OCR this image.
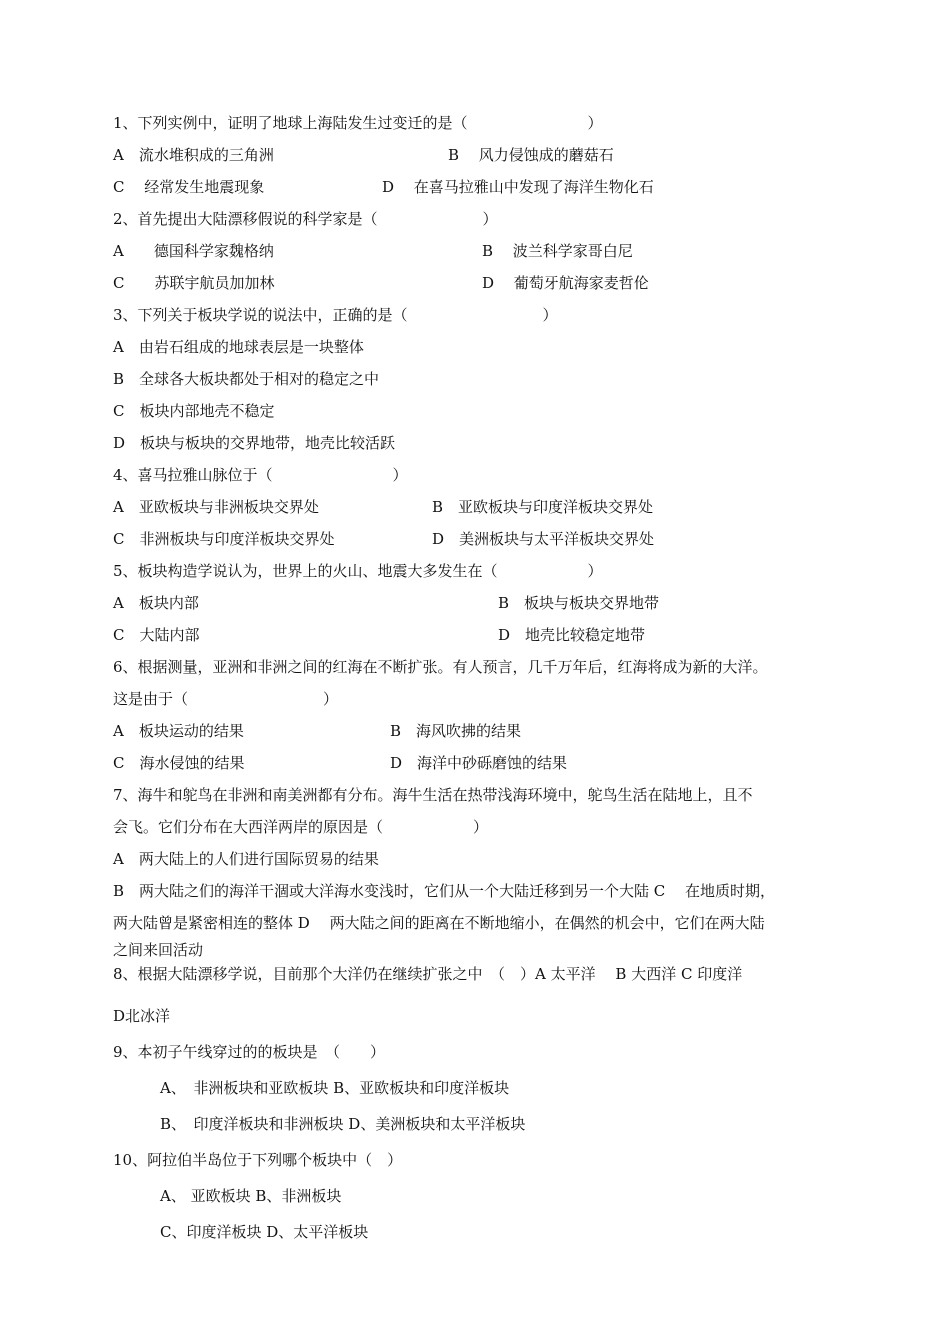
1、下列实例中，证明了地球上海陆发生过变迁的是（　　　　　　　　）
A　流水堆积成的三角洲	B　 风力侵蚀成的蘑菇石
C　 经常发生地震现象	D　 在喜马拉雅山中发现了海洋生物化石
2、首先提出大陆漂移假说的科学家是（　　　　　　　）
A　　德国科学家魏格纳	B　 波兰科学家哥白尼
C　　苏联宇航员加加林	D　 葡萄牙航海家麦哲伦
3、下列关于板块学说的说法中，正确的是（　　　　　　　　　）
A　由岩石组成的地球表层是一块整体
B　全球各大板块都处于相对的稳定之中
C　板块内部地壳不稳定
D　板块与板块的交界地带，地壳比较活跃
4、喜马拉雅山脉位于（　　　　　　　　）
A　亚欧板块与非洲板块交界处	B　亚欧板块与印度洋板块交界处
C　非洲板块与印度洋板块交界处	D　美洲板块与太平洋板块交界处
5、板块构造学说认为，世界上的火山、地震大多发生在（　　　　　　）
A　板块内部	B　板块与板块交界地带
C　大陆内部	D　地壳比较稳定地带
6、根据测量，亚洲和非洲之间的红海在不断扩张。有人预言，几千万年后，红海将成为新的大洋。
这是由于（　　　　　　　　　）
A　板块运动的结果	B　海风吹拂的结果
C　海水侵蚀的结果	D　海洋中砂砾磨蚀的结果
7、海牛和鸵鸟在非洲和南美洲都有分布。海牛生活在热带浅海环境中，鸵鸟生活在陆地上，且不
会飞。它们分布在大西洋两岸的原因是（　　　　　　）
A　两大陆上的人们进行国际贸易的结果
B　两大陆之们的海洋干涸或大洋海水变浅时，它们从一个大陆迁移到另一个大陆 C　 在地质时期，
两大陆曾是紧密相连的整体 D　 两大陆之间的距离在不断地缩小，在偶然的机会中，它们在两大陆
之间来回活动
8、根据大陆漂移学说，目前那个大洋仍在继续扩张之中　（　）A 太平洋　 B 大西洋 C 印度洋
D北冰洋
9、本初子午线穿过的的板块是　（　　）
A、　非洲板块和亚欧板块 B、亚欧板块和印度洋板块
B、　印度洋板块和非洲板块 D、美洲板块和太平洋板块
10、阿拉伯半岛位于下列哪个板块中（　）
A、 亚欧板块 B、非洲板块
C、印度洋板块 D、太平洋板块
